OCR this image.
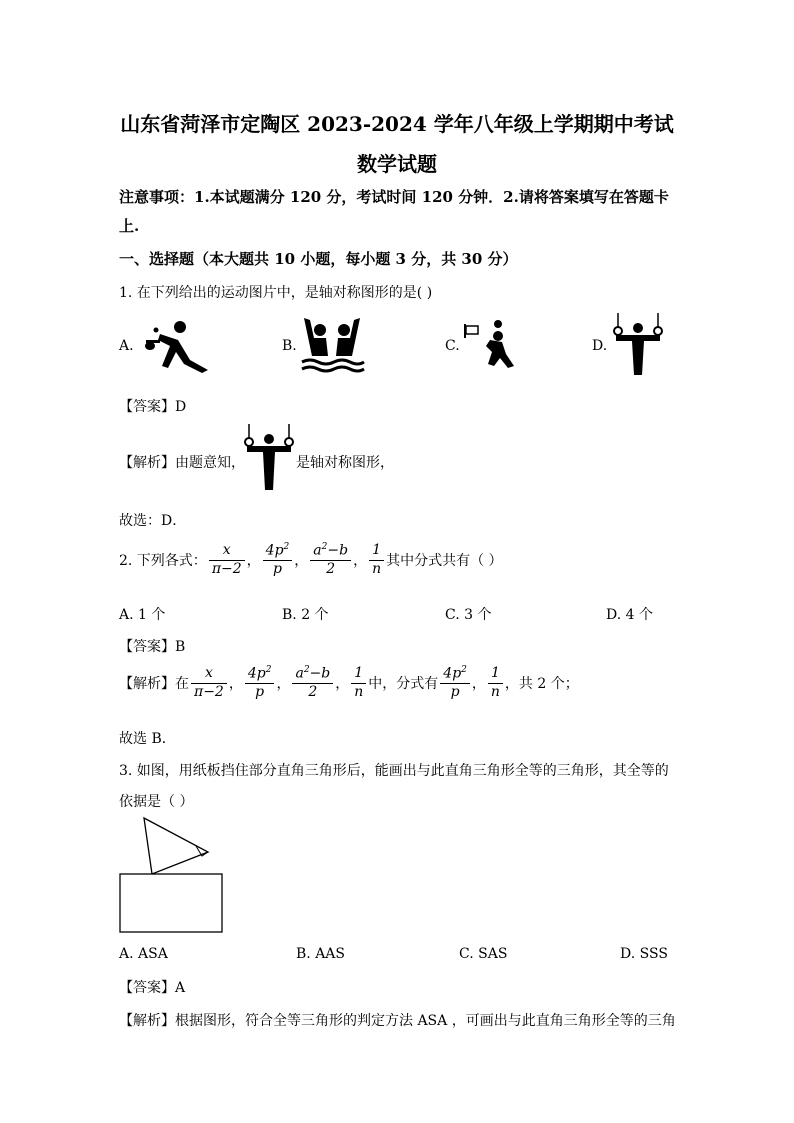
山东省菏泽市定陶区 2023-2024 学年八年级上学期期中考试
数学试题
注意事项：1.本试题满分 120 分，考试时间 120 分钟．2.请将答案填写在答题卡
上.
一、选择题（本大题共 10 小题，每小题 3 分，共 30 分）
1. 在下列给出的运动图片中，是轴对称图形的是( )
A.	B.	C.	D.
【答案】D
【解析】由题意知，	是轴对称图形，
故选：D．
2. 下列各式： $\frac{x}{\pi-2}$ ， $\frac{4p^2}{p}$ ， $\frac{a^2-b}{2}$ ， $\frac{1}{n}$ 其中分式共有（ ）
A. 1 个	B. 2 个	C. 3 个	D. 4 个
【答案】B
【解析】 在 $\frac{x}{\pi-2}$ ， $\frac{4p^2}{p}$ ， $\frac{a^2-b}{2}$ ， $\frac{1}{n}$ 中，分式有 $\frac{4p^2}{p}$ ， $\frac{1}{n}$ ，共 2 个；
故选 B．
3. 如图，用纸板挡住部分直角三角形后，能画出与此直角三角形全等的三角形，其全等的
依据是（ ）
A. ASA	B. AAS	C. SAS	D. SSS
【答案】A
【解析】根据图形，符合全等三角形的判定方法 ASA ，可画出与此直角三角形全等的三角
